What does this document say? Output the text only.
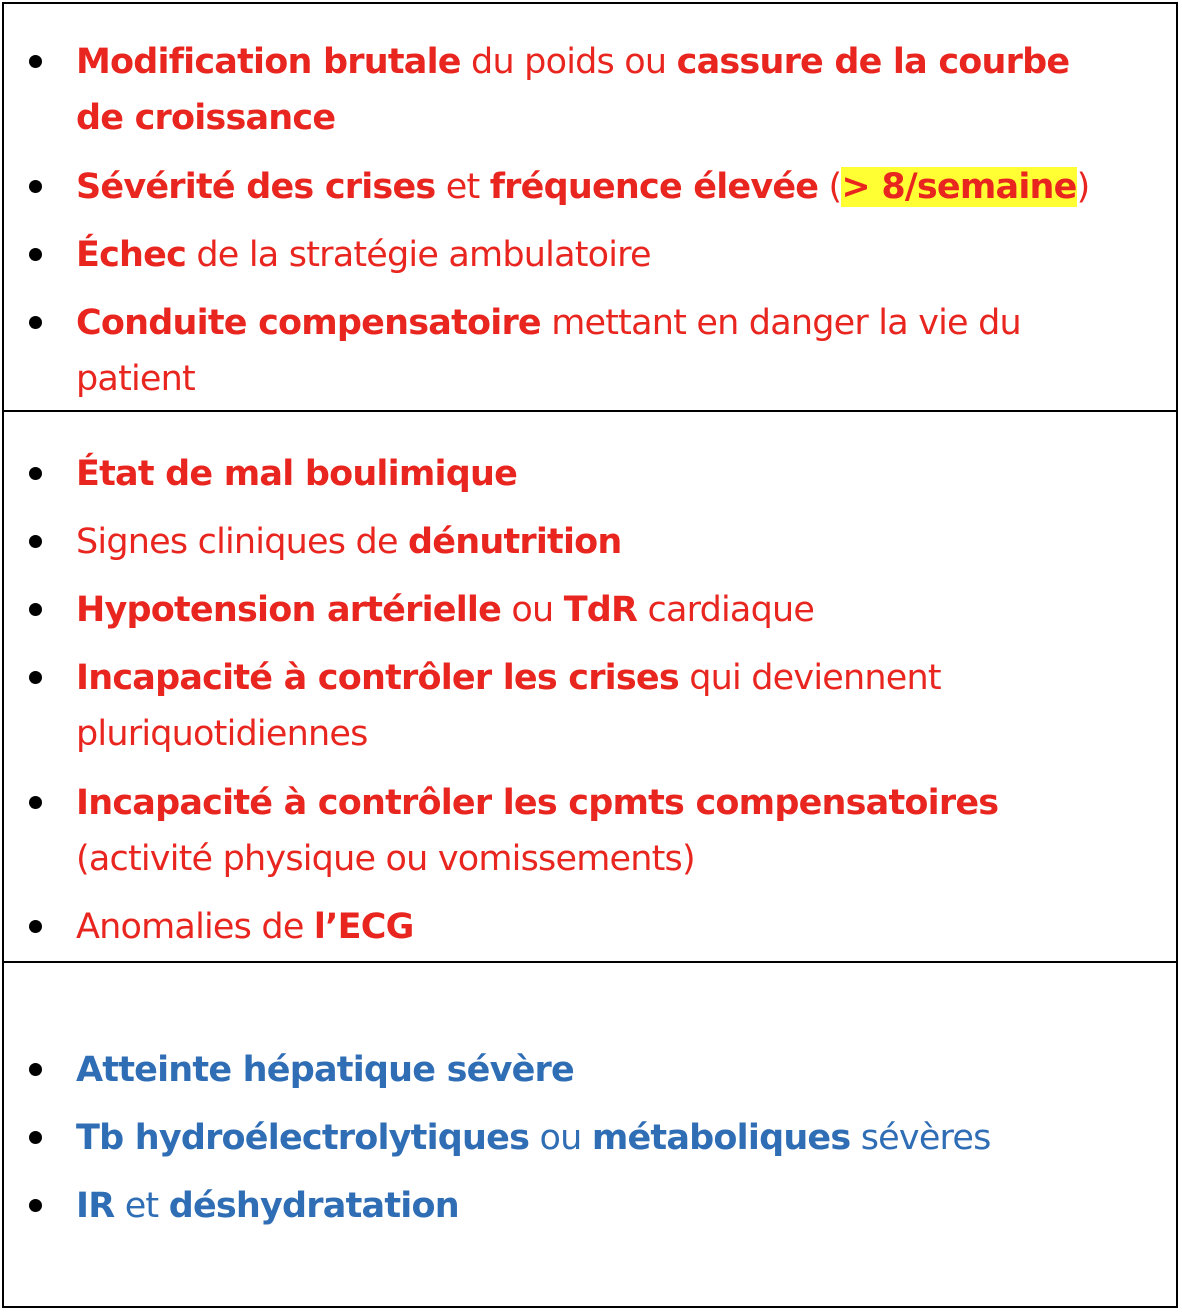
Modification brutale du poids ou cassure de la courbe
de croissance
Sévérité des crises et fréquence élevée (> 8/semaine)
Échec de la stratégie ambulatoire
Conduite compensatoire mettant en danger la vie du
patient
État de mal boulimique
Signes cliniques de dénutrition
Hypotension artérielle ou TdR cardiaque
Incapacité à contrôler les crises qui deviennent
pluriquotidiennes
Incapacité à contrôler les cpmts compensatoires
(activité physique ou vomissements)
Anomalies de l’ECG
Atteinte hépatique sévère
Tb hydroélectrolytiques ou métaboliques sévères
IR et déshydratation
